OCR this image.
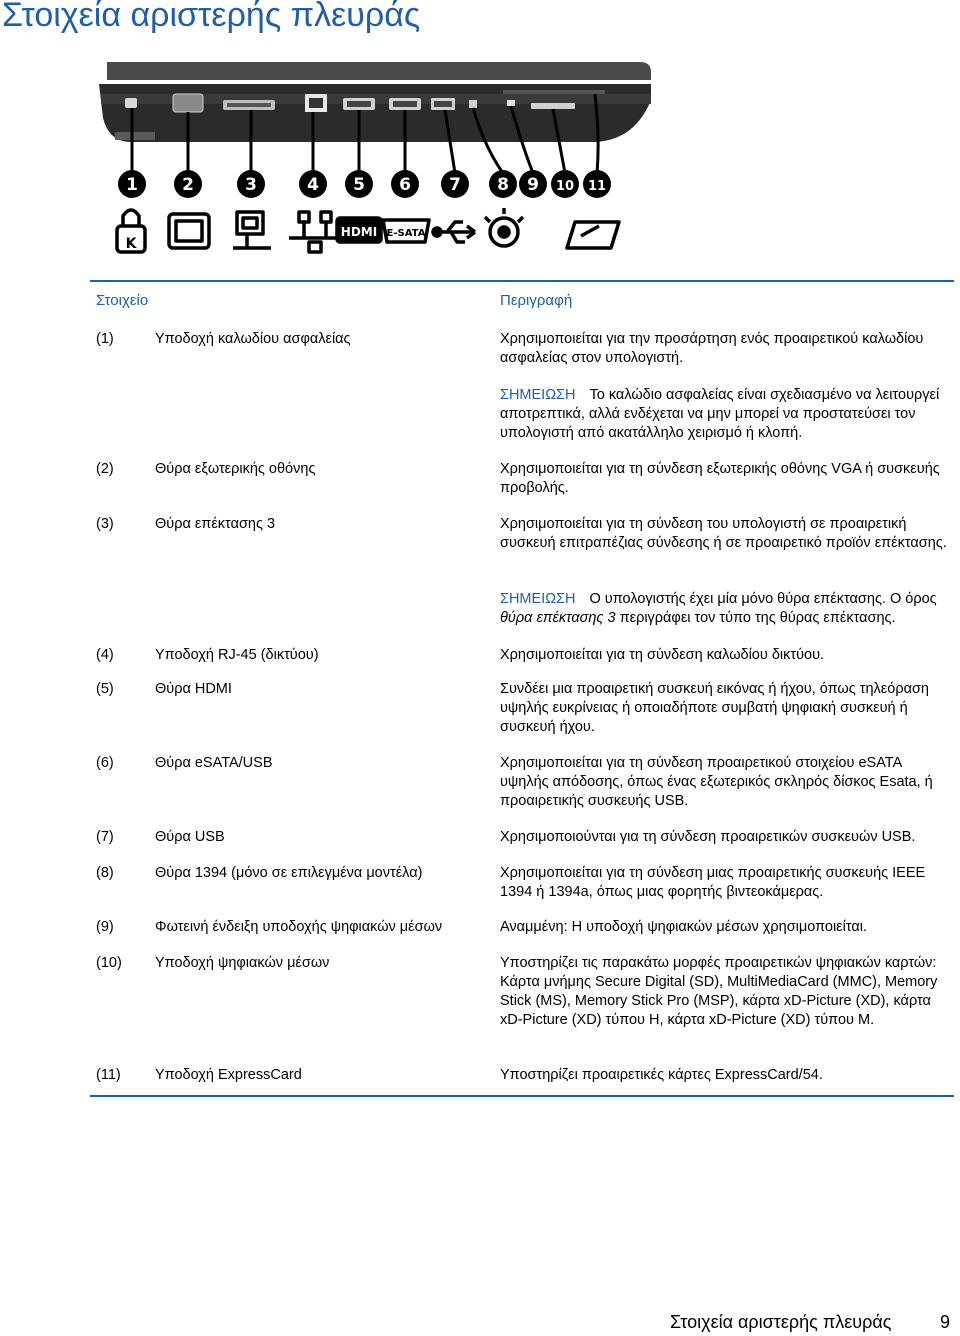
Στοιχεία αριστερής πλευράς
K
HDMI E-SATA
1	2	3	4 5 6 7 8 9 10 11
Στοιχείο	Περιγραφή
(1)	Υποδοχή καλωδίου ασφαλείας	Χρησιμοποιείται για την προσάρτηση ενός προαιρετικού καλωδίου ασφαλείας στον υπολογιστή.
ΣΗΜΕΙΩΣΗ Το καλώδιο ασφαλείας είναι σχεδιασμένο να λειτουργεί αποτρεπτικά, αλλά ενδέχεται να μην μπορεί να προστατεύσει τον υπολογιστή από ακατάλληλο χειρισμό ή κλοπή.
(2)	Θύρα εξωτερικής οθόνης	Χρησιμοποιείται για τη σύνδεση εξωτερικής οθόνης VGA ή συσκευής προβολής.
(3)	Θύρα επέκτασης 3	Χρησιμοποιείται για τη σύνδεση του υπολογιστή σε προαιρετική συσκευή επιτραπέζιας σύνδεσης ή σε προαιρετικό προϊόν επέκτασης.
ΣΗΜΕΙΩΣΗ Ο υπολογιστής έχει μία μόνο θύρα επέκτασης. Ο όρος θύρα επέκτασης 3 περιγράφει τον τύπο της θύρας επέκτασης.
(4)	Υποδοχή RJ-45 (δικτύου)	Χρησιμοποιείται για τη σύνδεση καλωδίου δικτύου.
(5)	Θύρα HDMI	Συνδέει μια προαιρετική συσκευή εικόνας ή ήχου, όπως τηλεόραση υψηλής ευκρίνειας ή οποιαδήποτε συμβατή ψηφιακή συσκευή ή συσκευή ήχου.
(6)	Θύρα eSATA/USB	Χρησιμοποιείται για τη σύνδεση προαιρετικού στοιχείου eSATA υψηλής απόδοσης, όπως ένας εξωτερικός σκληρός δίσκος Esata, ή προαιρετικής συσκευής USB.
(7)	Θύρα USB	Χρησιμοποιούνται για τη σύνδεση προαιρετικών συσκευών USB.
(8)	Θύρα 1394 (μόνο σε επιλεγμένα μοντέλα)	Χρησιμοποιείται για τη σύνδεση μιας προαιρετικής συσκευής IEEE 1394 ή 1394a, όπως μιας φορητής βιντεοκάμερας.
(9)	Φωτεινή ένδειξη υποδοχής ψηφιακών μέσων	Αναμμένη: Η υποδοχή ψηφιακών μέσων χρησιμοποιείται.
(10)	Υποδοχή ψηφιακών μέσων	Υποστηρίζει τις παρακάτω μορφές προαιρετικών ψηφιακών καρτών: Κάρτα μνήμης Secure Digital (SD), MultiMediaCard (MMC), Memory Stick (MS), Memory Stick Pro (MSP), κάρτα xD-Picture (XD), κάρτα xD-Picture (XD) τύπου H, κάρτα xD-Picture (XD) τύπου M.
(11)	Υποδοχή ExpressCard	Υποστηρίζει προαιρετικές κάρτες ExpressCard/54.
Στοιχεία αριστερής πλευράς	9
